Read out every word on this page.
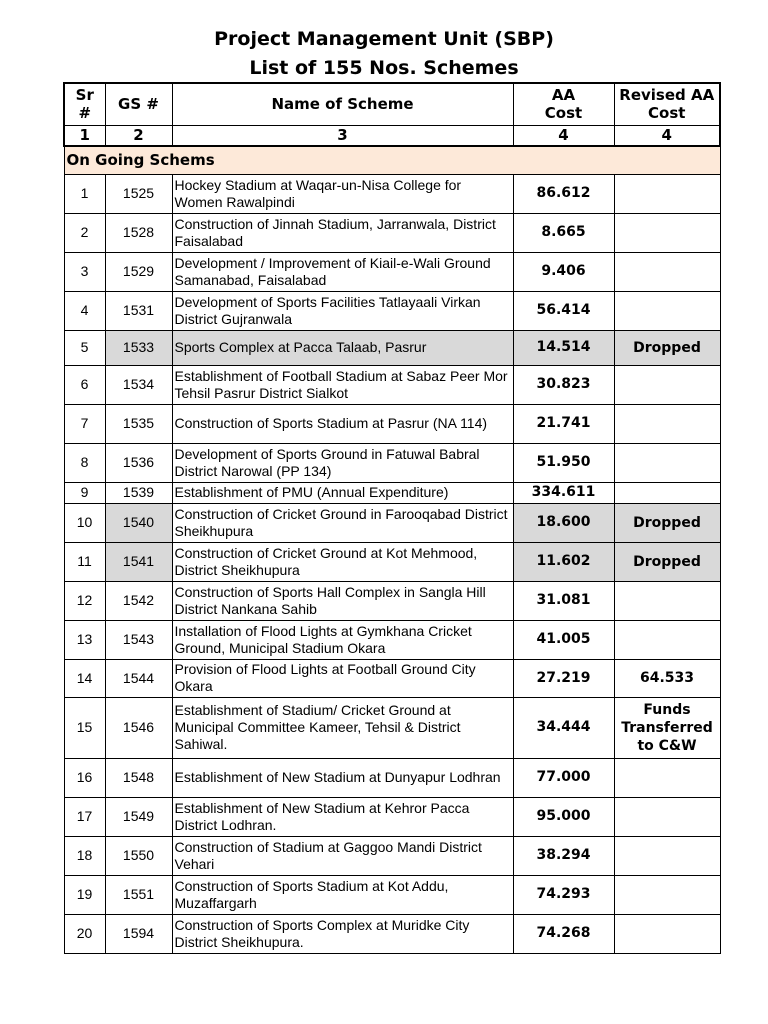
Project Management Unit (SBP)
List of 155 Nos. Schemes
Sr #	GS #	Name of Scheme	AA Cost	Revised AA Cost
1	2	3	4	4
On Going Schems				
1	1525	Hockey Stadium at Waqar-un-Nisa College for Women Rawalpindi	86.612	
2	1528	Construction of Jinnah Stadium, Jarranwala, District Faisalabad	8.665	
3	1529	Development / Improvement of Kiail-e-Wali Ground Samanabad, Faisalabad	9.406	
4	1531	Development of Sports Facilities Tatlayaali Virkan District Gujranwala	56.414	
5	1533	Sports Complex at Pacca Talaab, Pasrur	14.514	Dropped
6	1534	Establishment of Football Stadium at Sabaz Peer Mor Tehsil Pasrur District Sialkot	30.823	
7	1535	Construction of Sports Stadium at Pasrur (NA 114)	21.741	
8	1536	Development of Sports Ground in Fatuwal Babral District Narowal (PP 134)	51.950	
9	1539	Establishment of PMU (Annual Expenditure)	334.611	
10	1540	Construction of Cricket Ground in Farooqabad District Sheikhupura	18.600	Dropped
11	1541	Construction of Cricket Ground at Kot Mehmood, District Sheikhupura	11.602	Dropped
12	1542	Construction of Sports Hall Complex in Sangla Hill District Nankana Sahib	31.081	
13	1543	Installation of Flood Lights at Gymkhana Cricket Ground, Municipal Stadium Okara	41.005	
14	1544	Provision of Flood Lights at Football Ground City Okara	27.219	64.533
15	1546	Establishment of Stadium/ Cricket Ground at Municipal Committee Kameer, Tehsil & District Sahiwal.	34.444	Funds Transferred to C&W
16	1548	Establishment of New Stadium at Dunyapur Lodhran	77.000	
17	1549	Establishment of New Stadium at Kehror Pacca District Lodhran.	95.000	
18	1550	Construction of Stadium at Gaggoo Mandi District Vehari	38.294	
19	1551	Construction of Sports Stadium at Kot Addu, Muzaffargarh	74.293	
20	1594	Construction of Sports Complex at Muridke City District Sheikhupura.	74.268	
